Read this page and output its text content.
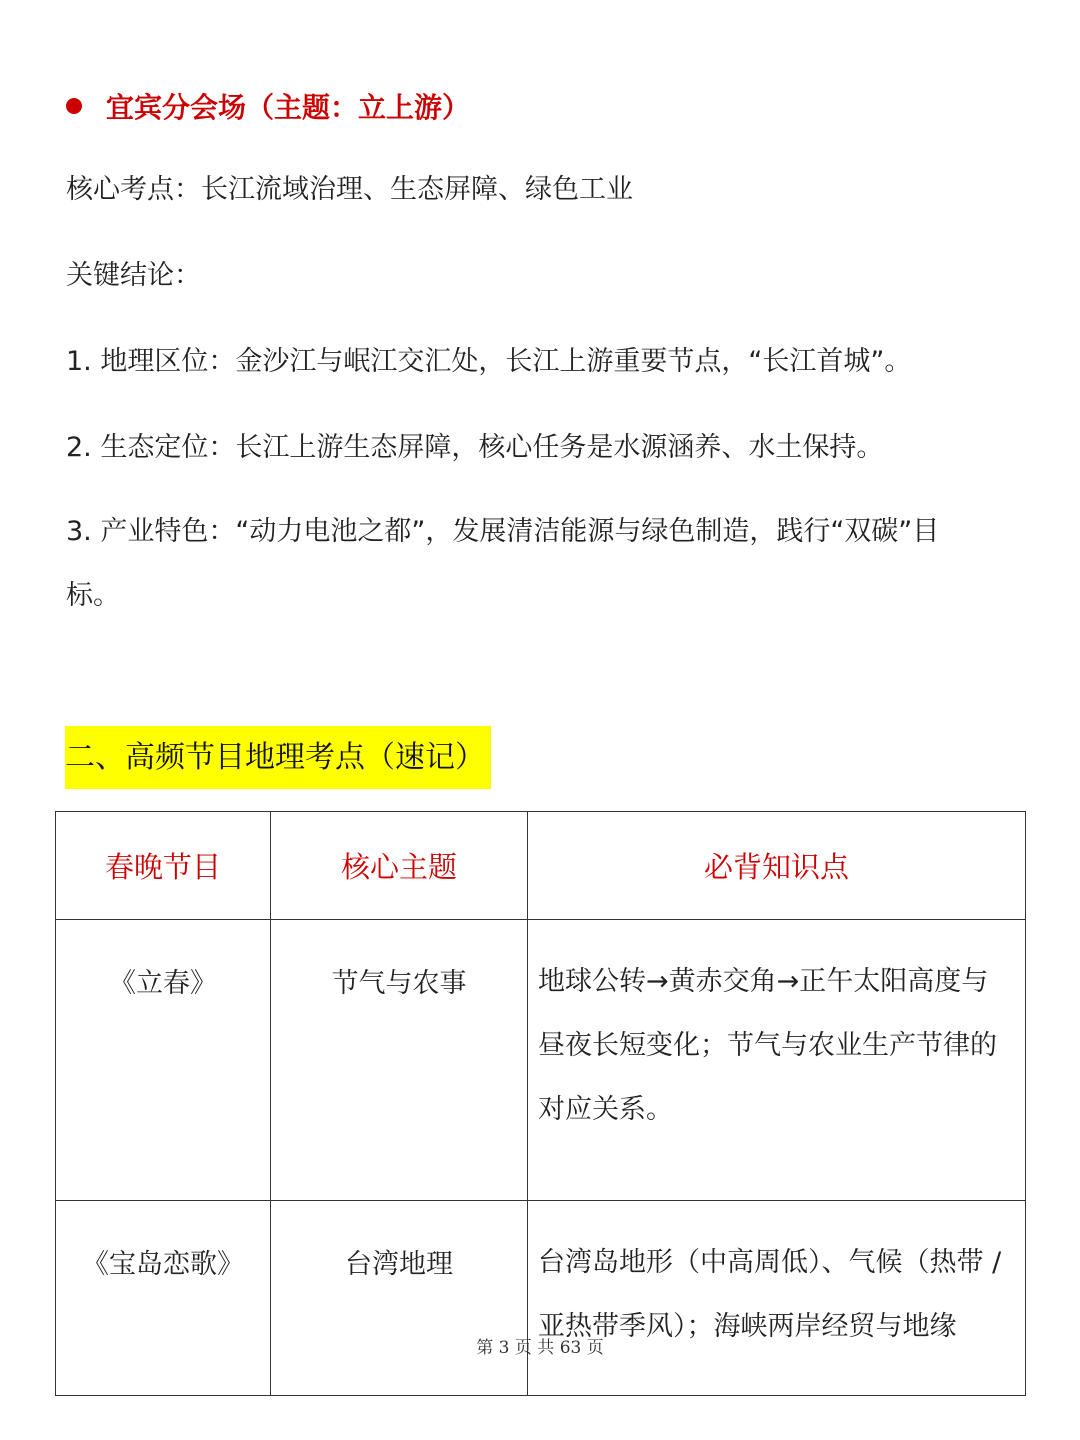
宜宾分会场（主题：立上游）
核心考点：长江流域治理、生态屏障、绿色工业
关键结论：
1. 地理区位：金沙江与岷江交汇处，长江上游重要节点，“长江首城”。
2. 生态定位：长江上游生态屏障，核心任务是水源涵养、水土保持。
3. 产业特色：“动力电池之都”，发展清洁能源与绿色制造，践行“双碳”目标。
二、高频节目地理考点（速记）
春晚节目	核心主题	必背知识点
《立春》	节气与农事	地球公转→黄赤交角→正午太阳高度与昼夜长短变化；节气与农业生产节律的对应关系。
《宝岛恋歌》	台湾地理	台湾岛地形（中高周低）、气候（热带 / 亚热带季风）；海峡两岸经贸与地缘
第 3 页 共 63 页
